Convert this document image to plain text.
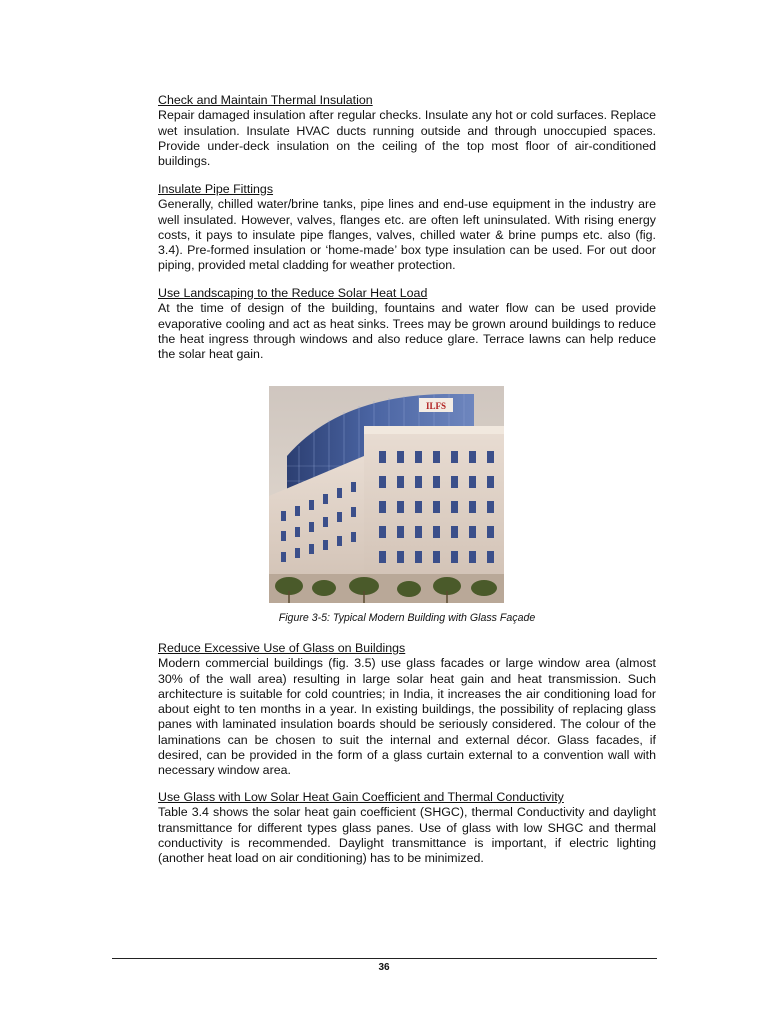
Check and Maintain Thermal Insulation

Repair damaged insulation after regular checks. Insulate any hot or cold surfaces. Replace wet insulation. Insulate HVAC ducts running outside and through unoccupied spaces. Provide under-deck insulation on the ceiling of the top most floor of air-conditioned buildings.

Insulate Pipe Fittings

Generally, chilled water/brine tanks, pipe lines and end-use equipment in the industry are well insulated. However, valves, flanges etc. are often left uninsulated. With rising energy costs, it pays to insulate pipe flanges, valves, chilled water & brine pumps etc. also (fig. 3.4). Pre-formed insulation or ‘home-made’ box type insulation can be used. For out door piping, provided metal cladding for weather protection.

Use Landscaping to the Reduce Solar Heat Load

At the time of design of the building, fountains and water flow can be used provide evaporative cooling and act as heat sinks. Trees may be grown around buildings to reduce the heat ingress through windows and also reduce glare. Terrace lawns can help reduce the solar heat gain.

ILFS
Figure 3-5: Typical Modern Building with Glass Façade

Reduce Excessive Use of Glass on Buildings

Modern commercial buildings (fig. 3.5) use glass facades or large window area (almost 30% of the wall area) resulting in large solar heat gain and heat transmission. Such architecture is suitable for cold countries; in India, it increases the air conditioning load for about eight to ten months in a year. In existing buildings, the possibility of replacing glass panes with laminated insulation boards should be seriously considered. The colour of the laminations can be chosen to suit the internal and external décor. Glass facades, if desired, can be provided in the form of a glass curtain external to a convention wall with necessary window area.

Use Glass with Low Solar Heat Gain Coefficient and Thermal Conductivity

Table 3.4 shows the solar heat gain coefficient (SHGC), thermal Conductivity and daylight transmittance for different types glass panes. Use of glass with low SHGC and thermal conductivity is recommended. Daylight transmittance is important, if electric lighting (another heat load on air conditioning) has to be minimized.

36
